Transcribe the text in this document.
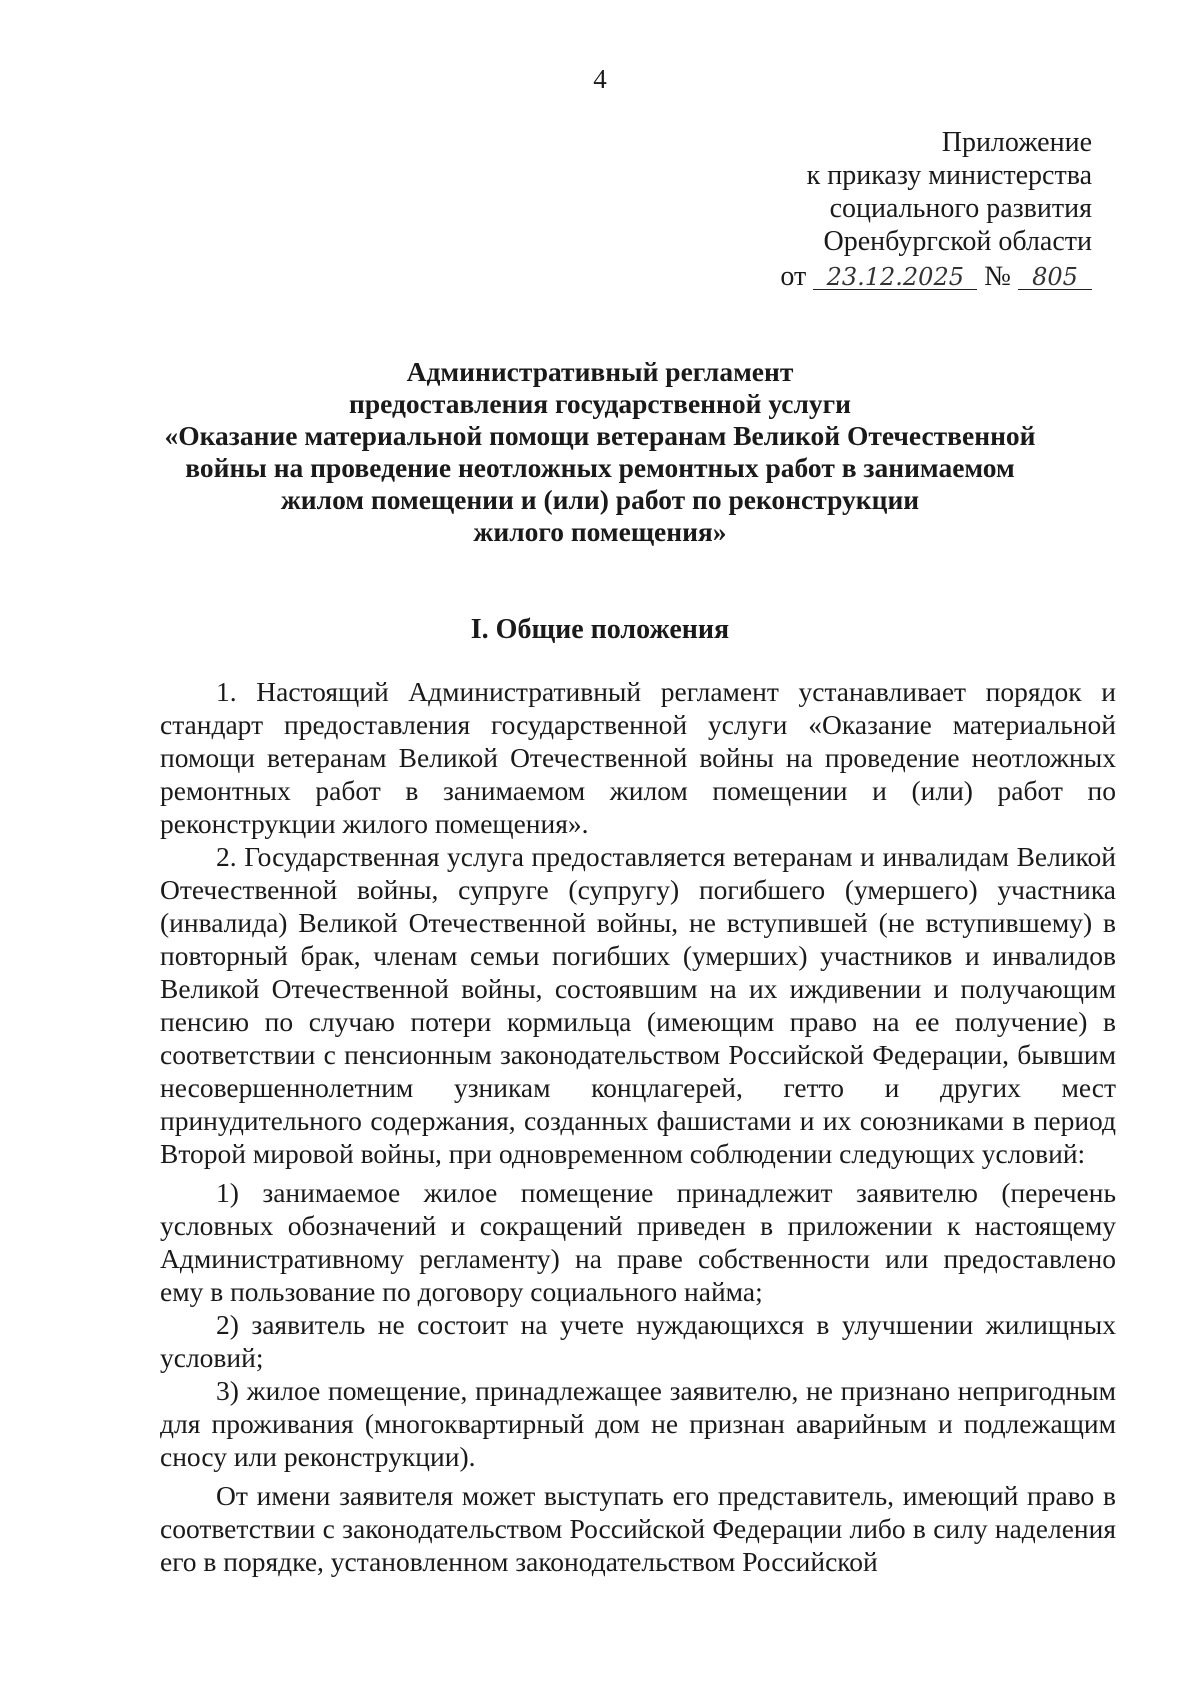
4
Приложение
к приказу министерства
социального развития
Оренбургской области
от 23.12.2025 № 805
Административный регламент
предоставления государственной услуги
«Оказание материальной помощи ветеранам Великой Отечественной
войны на проведение неотложных ремонтных работ в занимаемом
жилом помещении и (или) работ по реконструкции
жилого помещения»
I. Общие положения

1. Настоящий Административный регламент устанавливает порядок и стандарт предоставления государственной услуги «Оказание материальной помощи ветеранам Великой Отечественной войны на проведение неотложных ремонтных работ в занимаемом жилом помещении и (или) работ по реконструкции жилого помещения».

2. Государственная услуга предоставляется ветеранам и инвалидам Великой Отечественной войны, супруге (супругу) погибшего (умершего) участника (инвалида) Великой Отечественной войны, не вступившей (не вступившему) в повторный брак, членам семьи погибших (умерших) участников и инвалидов Великой Отечественной войны, состоявшим на их иждивении и получающим пенсию по случаю потери кормильца (имеющим право на ее получение) в соответствии с пенсионным законодательством Российской Федерации, бывшим несовершеннолетним узникам концлагерей, гетто и других мест принудительного содержания, созданных фашистами и их союзниками в период Второй мировой войны, при одновременном соблюдении следующих условий:

1) занимаемое жилое помещение принадлежит заявителю (перечень условных обозначений и сокращений приведен в приложении к настоящему Административному регламенту) на праве собственности или предоставлено ему в пользование по договору социального найма;

2) заявитель не состоит на учете нуждающихся в улучшении жилищных условий;

3) жилое помещение, принадлежащее заявителю, не признано непригодным для проживания (многоквартирный дом не признан аварийным и подлежащим сносу или реконструкции).

От имени заявителя может выступать его представитель, имеющий право в соответствии с законодательством Российской Федерации либо в силу наделения его в порядке, установленном законодательством Российской
